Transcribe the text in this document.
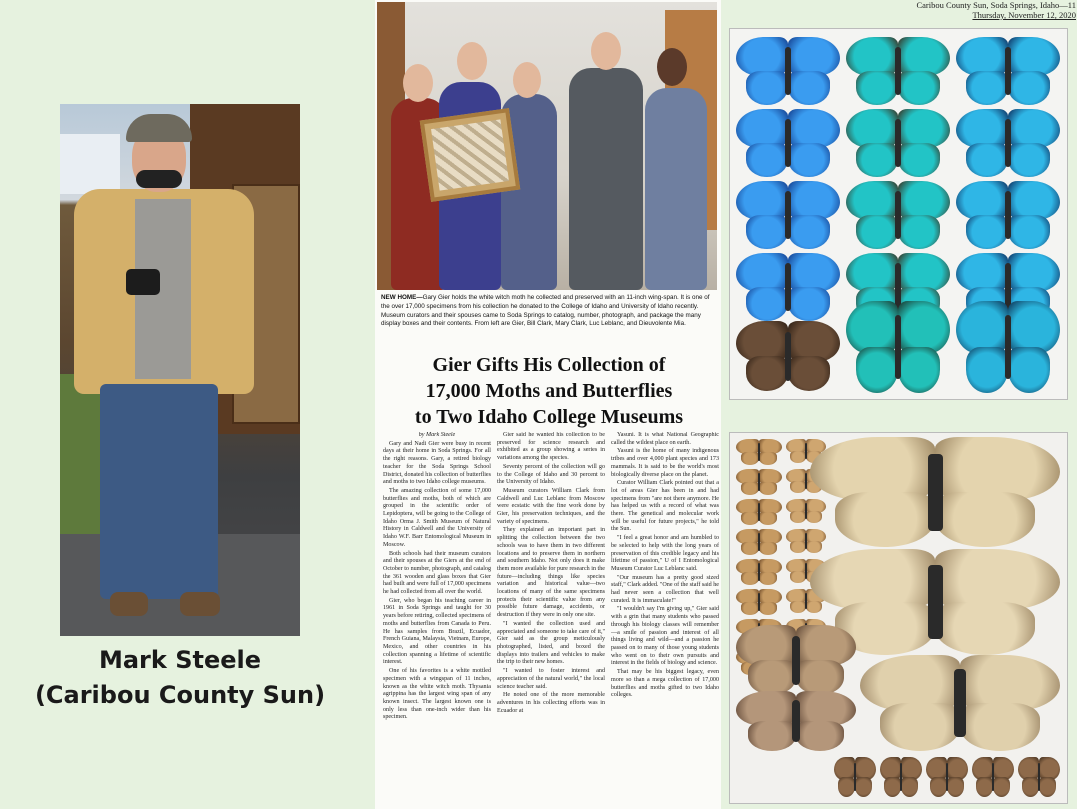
Mark Steele
(Caribou County Sun)
Caribou County Sun, Soda Springs, Idaho—11
Thursday, November 12, 2020
NEW HOME—Gary Gier holds the white witch moth he collected and preserved with an 11-inch wing-span. It is one of the over 17,000 specimens from his collection he donated to the College of Idaho and University of Idaho recently. Museum curators and their spouses came to Soda Springs to catalog, number, photograph, and package the many display boxes and their contents. From left are Gier, Bill Clark, Mary Clark, Luc Leblanc, and Dieuvolente Mia.
Gier Gifts His Collection of
17,000 Moths and Butterflies
to Two Idaho College Museums

by Mark Steele

Gary and Nadi Gier were busy in recent days at their home in Soda Springs. For all the right reasons. Gary, a retired biology teacher for the Soda Springs School District, donated his collection of butterflies and moths to two Idaho college museums.

The amazing collection of some 17,000 butterflies and moths, both of which are grouped in the scientific order of Lepidoptera, will be going to the College of Idaho Orma J. Smith Museum of Natural History in Caldwell and the University of Idaho W.F. Barr Entomological Museum in Moscow.

Both schools had their museum curators and their spouses at the Giers at the end of October to number, photograph, and catalog the 361 wooden and glass boxes that Gier had built and were full of 17,000 specimens he had collected from all over the world.

Gier, who began his teaching career in 1961 in Soda Springs and taught for 30 years before retiring, collected specimens of moths and butterflies from Canada to Peru. He has samples from Brazil, Ecuador, French Guiana, Malaysia, Vietnam, Europe, Mexico, and other countries in his collection spanning a lifetime of scientific interest.

One of his favorites is a white mottled specimen with a wingspan of 11 inches, known as the white witch moth. Thysania agrippina has the largest wing span of any known insect. The largest known one is only less than one-inch wider than his specimen.

Gier said he wanted his collection to be preserved for science research and exhibited as a group showing a series in variations among the species.

Seventy percent of the collection will go to the College of Idaho and 30 percent to the University of Idaho.

Museum curators William Clark from Caldwell and Luc Leblanc from Moscow were ecstatic with the fine work done by Gier, his preservation techniques, and the variety of specimens.

They explained an important part in splitting the collection between the two schools was to have them in two different locations and to preserve them in northern and southern Idaho. Not only does it make them more available for pure research in the future—including things like species variation and historical value—two locations of many of the same specimens protects their scientific value from any possible future damage, accidents, or destruction if they were in only one site.

"I wanted the collection used and appreciated and someone to take care of it," Gier said as the group meticulously photographed, listed, and boxed the displays into trailers and vehicles to make the trip to their new homes.

"I wanted to foster interest and appreciation of the natural world," the local science teacher said.

He noted one of the more memorable adventures in his collecting efforts was in Ecuador at

Yasuni. It is what National Geographic called the wildest place on earth.

Yasuni is the home of many indigenous tribes and over 4,000 plant species and 173 mammals. It is said to be the world's most biologically diverse place on the planet.

Curator William Clark pointed out that a lot of areas Gier has been in and had specimens from "are not there anymore. He has helped us with a record of what was there. The genetical and molecular work will be useful for future projects," he told the Sun.

"I feel a great honor and am humbled to be selected to help with the long years of preservation of this credible legacy and his lifetime of passion," U of I Entomological Museum Curator Luc Leblanc said.

"Our museum has a pretty good sized staff," Clark added. "One of the staff said he had never seen a collection that well curated. It is immaculate!"

"I wouldn't say I'm giving up," Gier said with a grin that many students who passed through his biology classes will remember—a smile of passion and interest of all things living and wild—and a passion he passed on to many of those young students who went on to their own pursuits and interest in the fields of biology and science.

That may be his biggest legacy, even more so than a mega collection of 17,000 butterflies and moths gifted to two Idaho colleges.
